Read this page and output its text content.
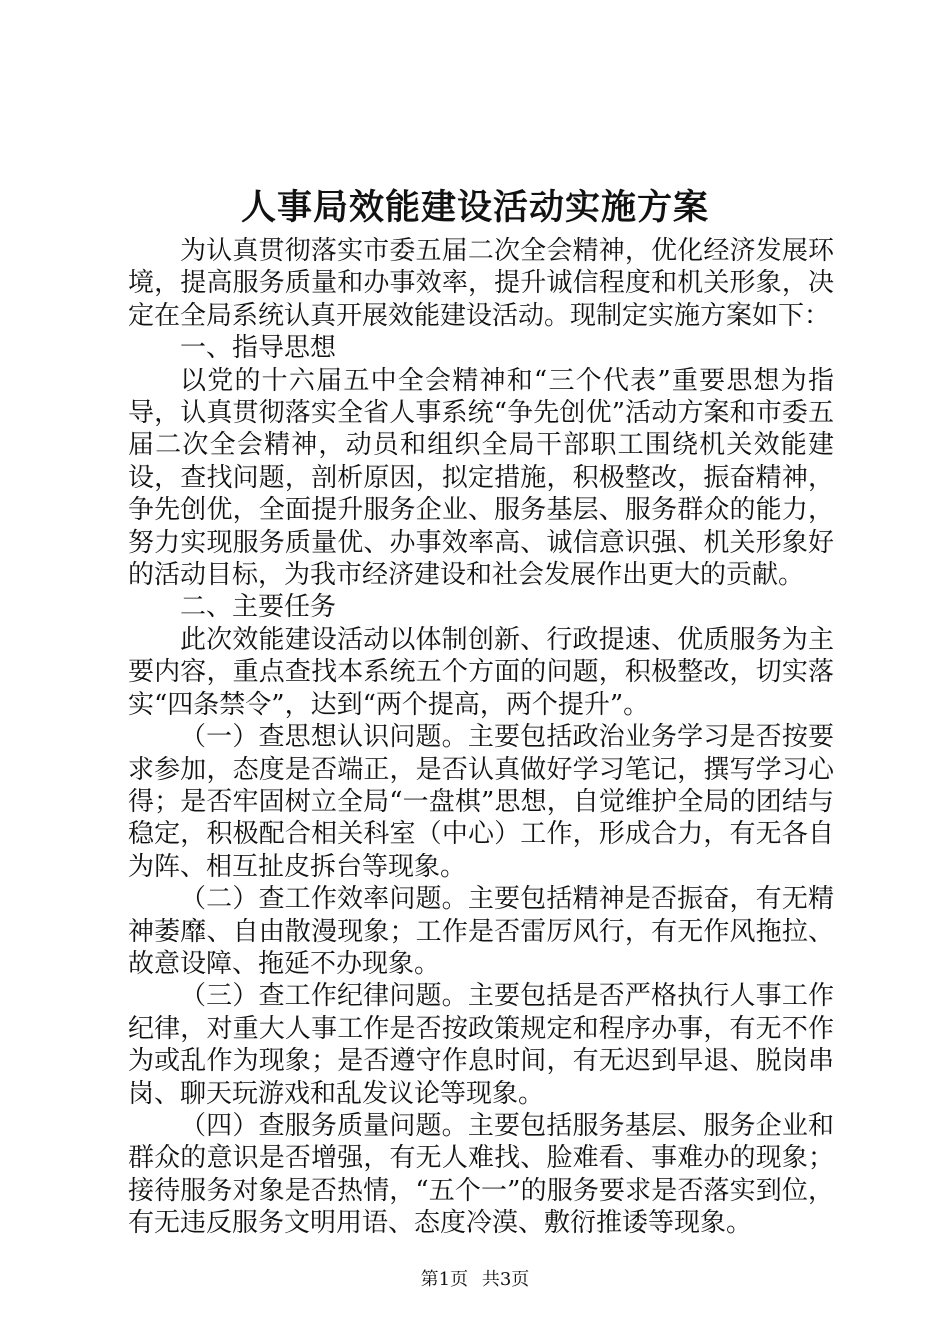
人事局效能建设活动实施方案

为认真贯彻落实市委五届二次全会精神，优化经济发展环境，提高服务质量和办事效率，提升诚信程度和机关形象，决定在全局系统认真开展效能建设活动。现制定实施方案如下：

一、指导思想

以党的十六届五中全会精神和“三个代表”重要思想为指导，认真贯彻落实全省人事系统“争先创优”活动方案和市委五届二次全会精神，动员和组织全局干部职工围绕机关效能建设，查找问题，剖析原因，拟定措施，积极整改，振奋精神，争先创优，全面提升服务企业、服务基层、服务群众的能力，努力实现服务质量优、办事效率高、诚信意识强、机关形象好的活动目标，为我市经济建设和社会发展作出更大的贡献。

二、主要任务

此次效能建设活动以体制创新、行政提速、优质服务为主要内容，重点查找本系统五个方面的问题，积极整改，切实落实“四条禁令”，达到“两个提高，两个提升”。

（一）查思想认识问题。主要包括政治业务学习是否按要求参加，态度是否端正，是否认真做好学习笔记，撰写学习心得；是否牢固树立全局“一盘棋”思想，自觉维护全局的团结与稳定，积极配合相关科室（中心）工作，形成合力，有无各自为阵、相互扯皮拆台等现象。

（二）查工作效率问题。主要包括精神是否振奋，有无精神萎靡、自由散漫现象；工作是否雷厉风行，有无作风拖拉、故意设障、拖延不办现象。

（三）查工作纪律问题。主要包括是否严格执行人事工作纪律，对重大人事工作是否按政策规定和程序办事，有无不作为或乱作为现象；是否遵守作息时间，有无迟到早退、脱岗串岗、聊天玩游戏和乱发议论等现象。

（四）查服务质量问题。主要包括服务基层、服务企业和群众的意识是否增强，有无人难找、脸难看、事难办的现象；接待服务对象是否热情，“五个一”的服务要求是否落实到位，有无违反服务文明用语、态度冷漠、敷衍推诿等现象。

第1页 共3页
